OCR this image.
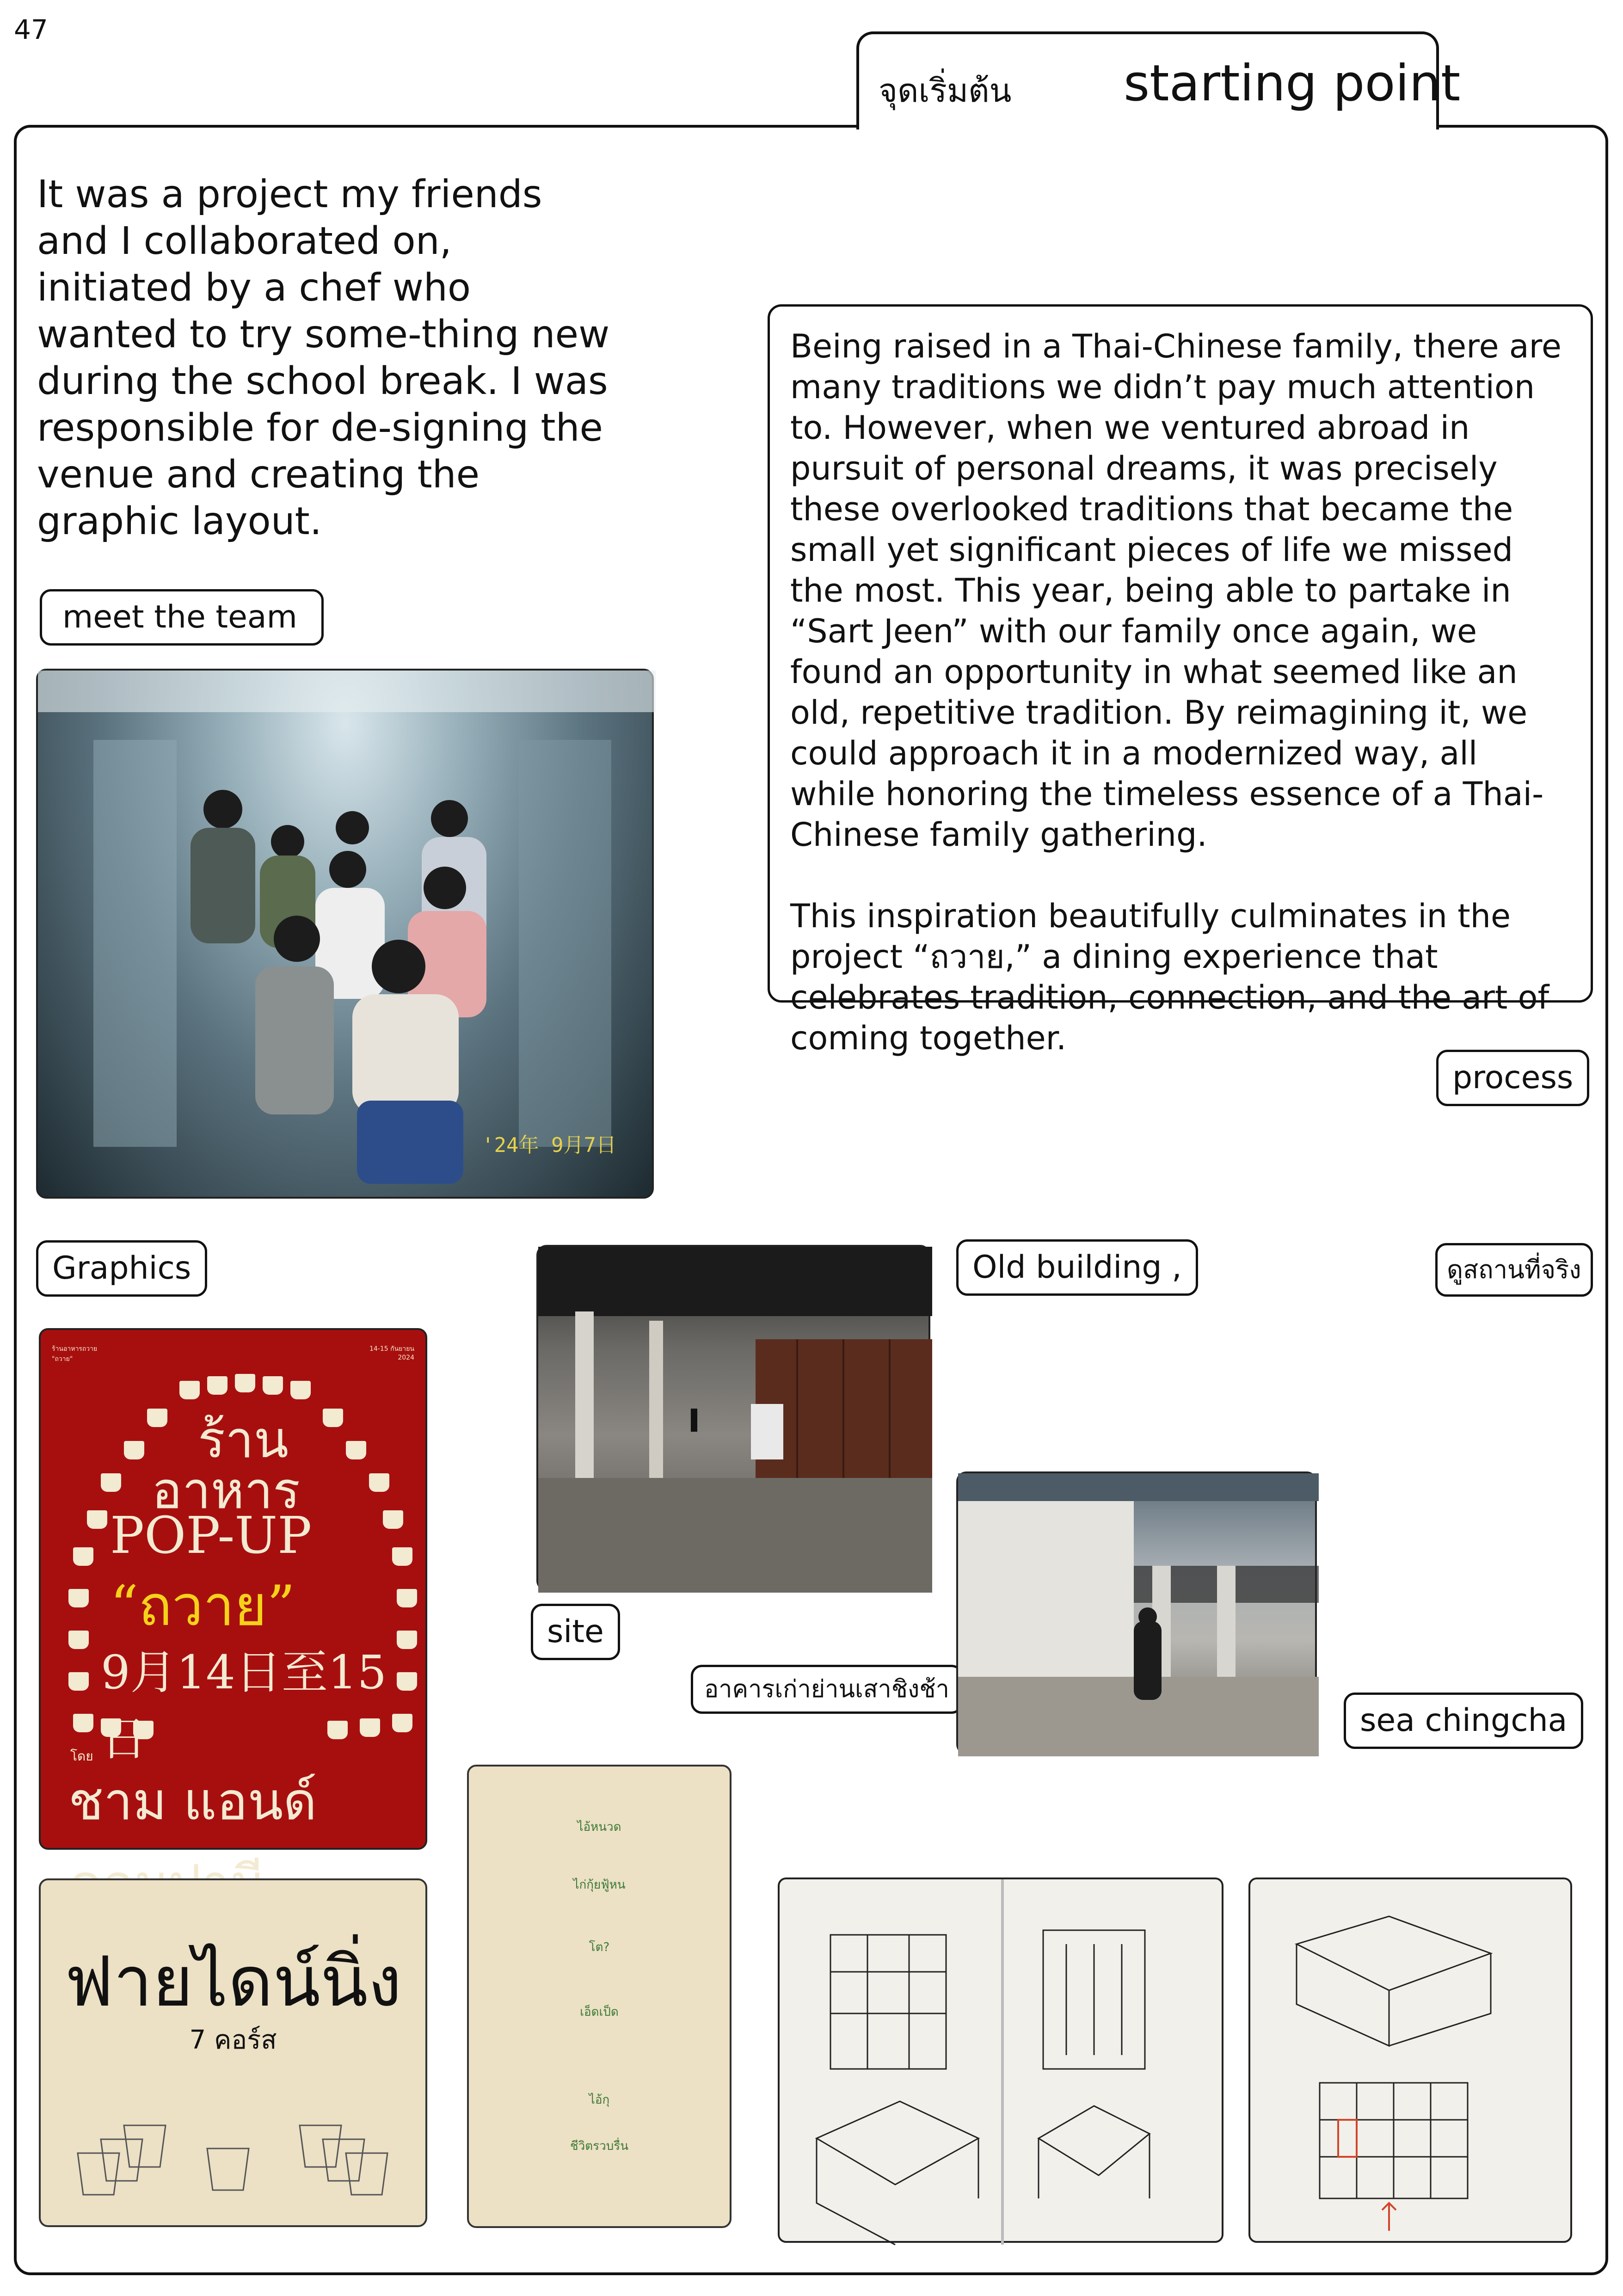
47
จุดเริ่มต้น starting point
It was a project my friends and I collaborated on, initiated by a chef who wanted to try some-thing new during the school break. I was responsible for de-signing the venue and creating the graphic layout.

Being raised in a Thai-Chinese family, there are many traditions we didn’t pay much attention to. However, when we ventured abroad in pursuit of personal dreams, it was precisely these overlooked traditions that became the small yet significant pieces of life we missed the most. This year, being able to partake in “Sart Jeen” with our family once again, we found an opportunity in what seemed like an old, repetitive tradition. By reimagining it, we could approach it in a modernized way, all while honoring the timeless essence of a Thai-Chinese family gathering.

This inspiration beautifully culminates in the project “ถวาย,” a dining experience that celebrates tradition, connection, and the art of coming together.

meet the team
process
Graphics	Old building ,	ดูสถานที่จริง
site
อาคารเก่าย่านเสาชิงช้า
sea chingcha
'24年 9月7日
ร้านอาหารถวาย
"ถวาย"
14-15 กันยายน
2024
ร้าน
อาหาร
POP-UP
“ถวาย”
9月14日至15日
โดย
ชาม แอนด์
ฟายไดน์นิ่ง
7 คอร์ส
ไอ้หนวด
ไก่กุ้ยฟู้หน
โต?
เอ็ดเป็ด
ไอ้กุ
ชีวิตรวบรื่น
